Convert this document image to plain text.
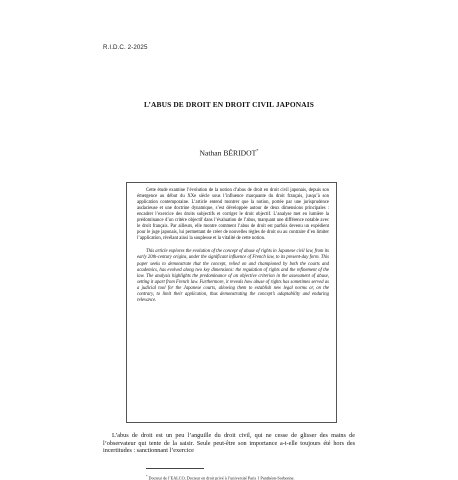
R.I.D.C. 2-2025
L’ABUS DE DROIT EN DROIT CIVIL JAPONAIS
Nathan BÉRIDOT*

Cette étude examine l’évolution de la notion d’abus de droit en droit civil japonais, depuis son émergence au début du XXe siècle sous l’influence marquante du droit français, jusqu’à son application contemporaine. L’article entend montrer que la notion, portée par une jurisprudence audacieuse et une doctrine dynamique, s’est développée autour de deux dimensions principales : encadrer l’exercice des droits subjectifs et corriger le droit objectif. L’analyse met en lumière la prédominance d’un critère objectif dans l’évaluation de l’abus, marquant une différence notable avec le droit français. Par ailleurs, elle montre comment l’abus de droit est parfois devenu un expédient pour le juge japonais, lui permettant de créer de nouvelles règles de droit ou au contraire d’en limiter l’application, révélant ainsi la souplesse et la vitalité de cette notion.

This article explores the evolution of the concept of abuse of rights in Japanese civil law, from its early 20th-century origins, under the significant influence of French law, to its present-day form. This paper seeks to demonstrate that the concept, relied on and championed by both the courts and academics, has evolved along two key dimensions: the regulation of rights and the refinement of the law. The analysis highlights the predominance of an objective criterion in the assessment of abuse, setting it apart from French law. Furthermore, it reveals how abuse of rights has sometimes served as a judicial tool for the Japanese courts, allowing them to establish new legal norms or, on the contrary, to limit their application, thus demonstrating the concept’s adaptability and enduring relevance.

L’abus de droit est un peu l’anguille du droit civil, qui ne cesse de glisser des mains de l’observateur qui tente de la saisir. Seule peut-être son importance a-t-elle toujours été hors des incertitudes : sanctionnant l’exercice

* Docteur de l’EALCO, Docteur en droit privé à l’université Paris 1 Panthéon-Sorbonne.
